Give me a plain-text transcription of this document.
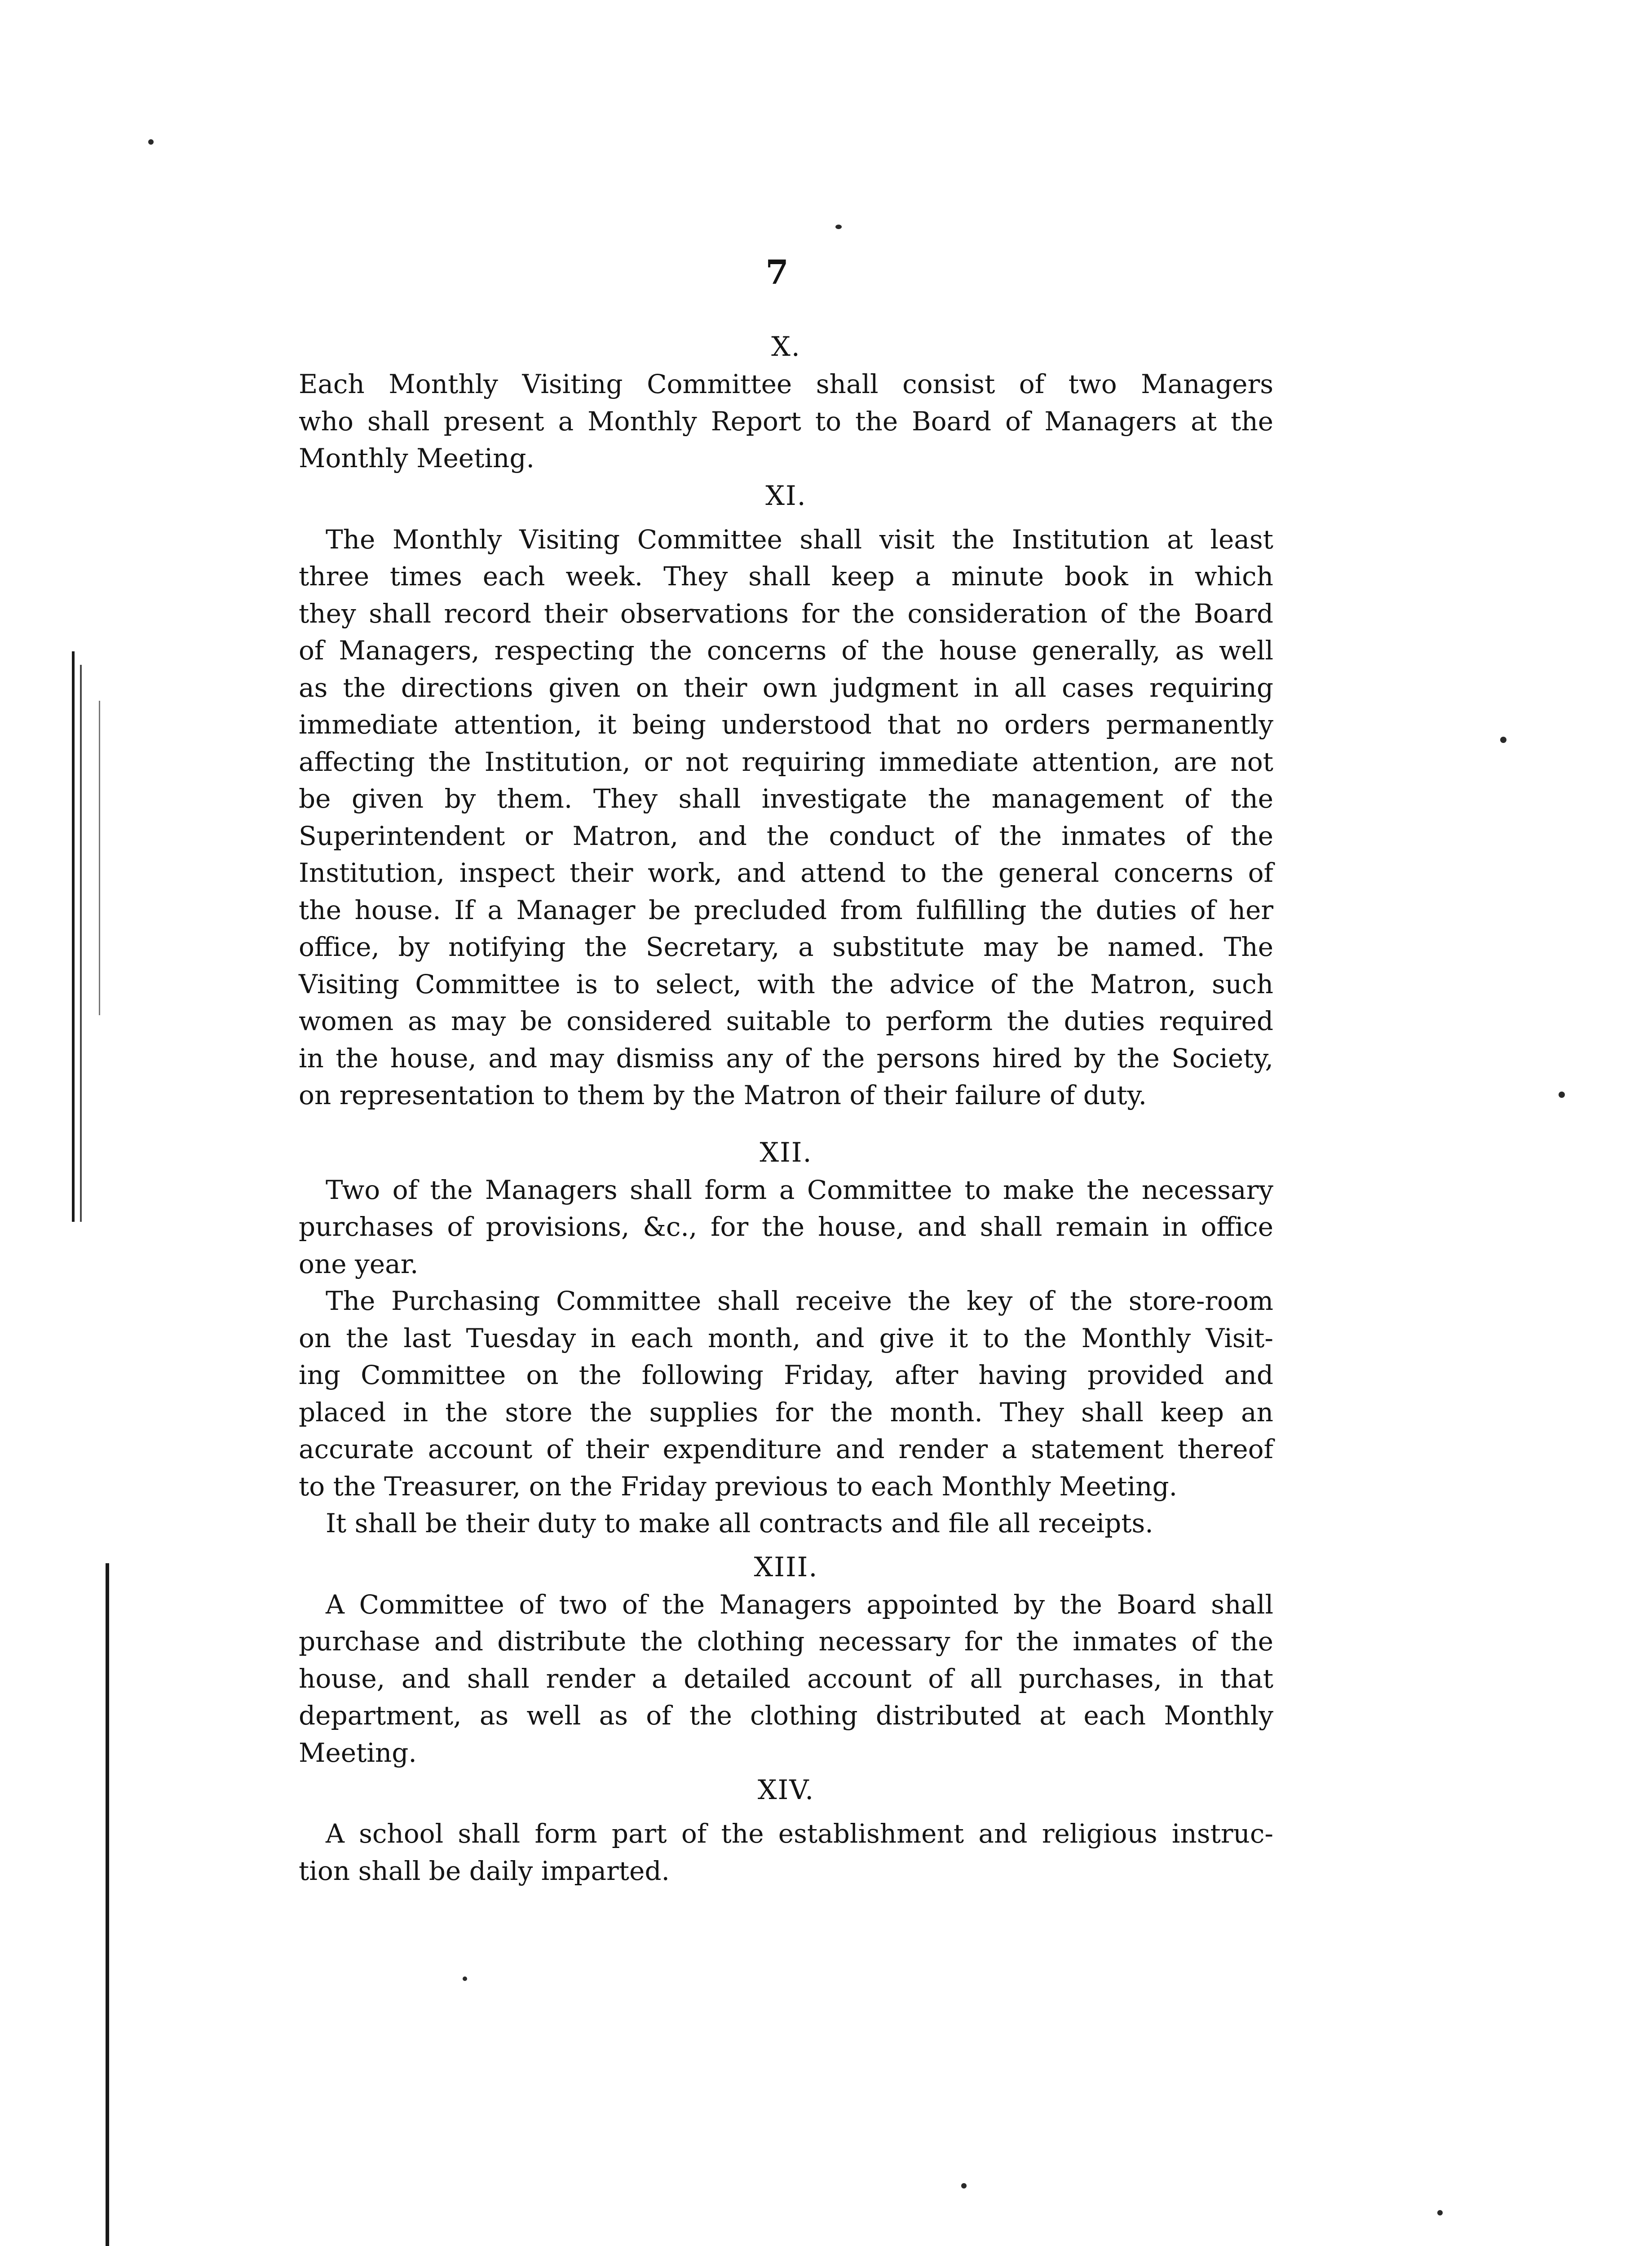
7
X.
Each Monthly Visiting Committee shall consist of two Managers
who shall present a Monthly Report to the Board of Managers at the
Monthly Meeting.
XI.
The Monthly Visiting Committee shall visit the Institution at least
three times each week. They shall keep a minute book in which
they shall record their observations for the consideration of the Board
of Managers, respecting the concerns of the house generally, as well
as the directions given on their own judgment in all cases requiring
immediate attention, it being understood that no orders permanently
affecting the Institution, or not requiring immediate attention, are not
be given by them. They shall investigate the management of the
Superintendent or Matron, and the conduct of the inmates of the
Institution, inspect their work, and attend to the general concerns of
the house. If a Manager be precluded from fulfilling the duties of her
office, by notifying the Secretary, a substitute may be named. The
Visiting Committee is to select, with the advice of the Matron, such
women as may be considered suitable to perform the duties required
in the house, and may dismiss any of the persons hired by the Society,
on representation to them by the Matron of their failure of duty.
XII.
Two of the Managers shall form a Committee to make the necessary
purchases of provisions, &c., for the house, and shall remain in office
one year.
The Purchasing Committee shall receive the key of the store-room
on the last Tuesday in each month, and give it to the Monthly Visit-
ing Committee on the following Friday, after having provided and
placed in the store the supplies for the month. They shall keep an
accurate account of their expenditure and render a statement thereof
to the Treasurer, on the Friday previous to each Monthly Meeting.
It shall be their duty to make all contracts and file all receipts.
XIII.
A Committee of two of the Managers appointed by the Board shall
purchase and distribute the clothing necessary for the inmates of the
house, and shall render a detailed account of all purchases, in that
department, as well as of the clothing distributed at each Monthly
Meeting.
XIV.
A school shall form part of the establishment and religious instruc-
tion shall be daily imparted.
